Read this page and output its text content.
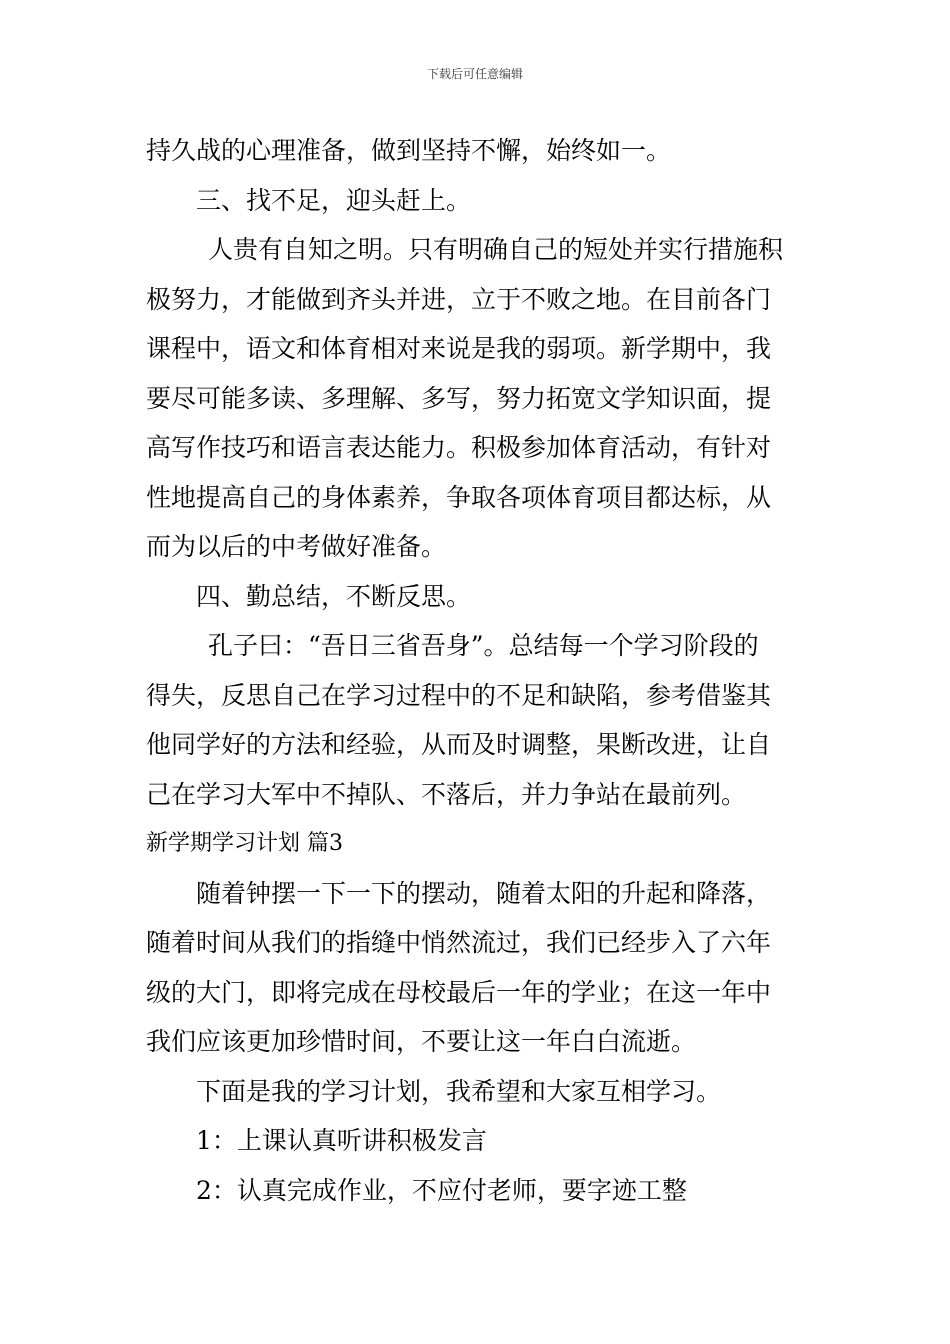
下载后可任意编辑
持久战的心理准备，做到坚持不懈，始终如一。
三、找不足，迎头赶上。
人贵有自知之明。只有明确自己的短处并实行措施积
极努力，才能做到齐头并进，立于不败之地。在目前各门
课程中，语文和体育相对来说是我的弱项。新学期中，我
要尽可能多读、多理解、多写，努力拓宽文学知识面，提
高写作技巧和语言表达能力。积极参加体育活动，有针对
性地提高自己的身体素养，争取各项体育项目都达标，从
而为以后的中考做好准备。
四、勤总结，不断反思。
孔子曰：“吾日三省吾身”。总结每一个学习阶段的
得失，反思自己在学习过程中的不足和缺陷，参考借鉴其
他同学好的方法和经验，从而及时调整，果断改进，让自
己在学习大军中不掉队、不落后，并力争站在最前列。
新学期学习计划 篇3
随着钟摆一下一下的摆动，随着太阳的升起和降落，
随着时间从我们的指缝中悄然流过，我们已经步入了六年
级的大门，即将完成在母校最后一年的学业；在这一年中
我们应该更加珍惜时间，不要让这一年白白流逝。
下面是我的学习计划，我希望和大家互相学习。
1：上课认真听讲积极发言
2：认真完成作业，不应付老师，要字迹工整
